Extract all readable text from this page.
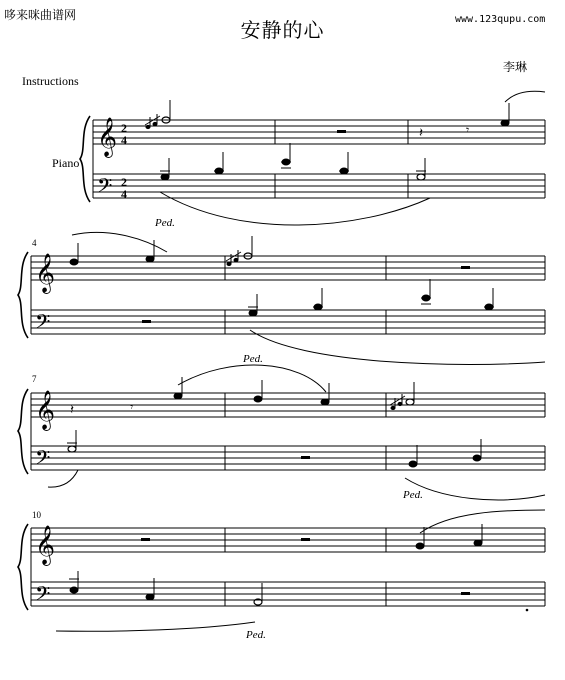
哆来咪曲谱网	www.123qupu.com
安静的心
李琳
Instructions
Piano
𝄞
𝄢
2
4
2
4
𝄽	𝄾
Ped.
4
𝄞
𝄢
Ped.
7
𝄞
𝄢
𝄽	𝄾
Ped.
10
𝄞
𝄢
Ped.
